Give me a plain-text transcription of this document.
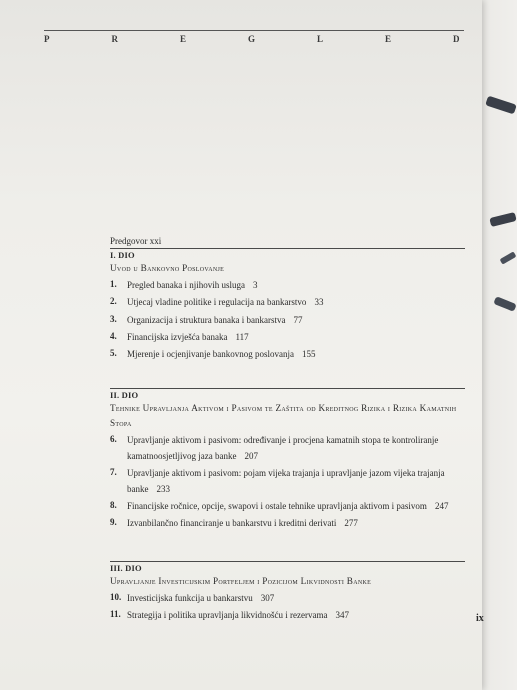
P	R	E	G	L	E	D
Predgovor xxi
I. DIO
Uvod u Bankovno Poslovanje
1.	Pregled banaka i njihovih usluga 3
2.	Utjecaj vladine politike i regulacija na bankarstvo 33
3.	Organizacija i struktura banaka i bankarstva 77
4.	Financijska izvješća banaka 117
5.	Mjerenje i ocjenjivanje bankovnog poslovanja 155
II. DIO
Tehnike Upravljanja Aktivom i Pasivom te Zaštita od Kreditnog Rizika i Rizika Kamatnih Stopa
6.	Upravljanje aktivom i pasivom: određivanje i procjena kamatnih stopa te kontroliranje kamatnoosjetljivog jaza banke 207
7.	Upravljanje aktivom i pasivom: pojam vijeka trajanja i upravljanje jazom vijeka trajanja banke 233
8.	Financijske ročnice, opcije, swapovi i ostale tehnike upravljanja aktivom i pasivom 247
9.	Izvanbilančno financiranje u bankarstvu i kreditni derivati 277
III. DIO
Upravljanje Investicijskim Portfeljem i Pozicijom Likvidnosti Banke
10. Investicijska funkcija u bankarstvu 307
11. Strategija i politika upravljanja likvidnošću i rezervama 347	ix
